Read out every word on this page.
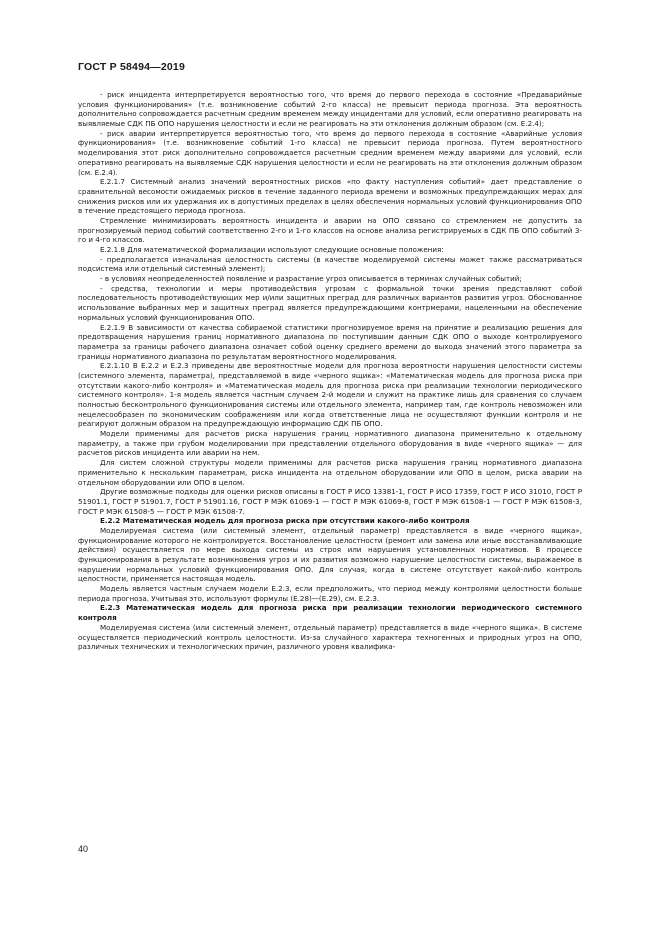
ГОСТ Р 58494—2019

- риск инцидента интерпретируется вероятностью того, что время до первого перехода в состояние «Предаварийные условия функционирования» (т.е. возникновение событий 2-го класса) не превысит периода прогноза. Эта вероятность дополнительно сопровождается расчетным средним временем между инцидентами для условий, если оперативно реагировать на выявляемые СДК ПБ ОПО нарушения целостности и если не реагировать на эти отклонения должным образом (см. Е.2.4);

- риск аварии интерпретируется вероятностью того, что время до первого перехода в состояние «Аварийные условия функционирования» (т.е. возникновение событий 1-го класса) не превысит периода прогноза. Путем вероятностного моделирования этот риск дополнительно сопровождается расчетным средним временем между авариями для условий, если оперативно реагировать на выявляемые СДК нарушения целостности и если не реагировать на эти отклонения должным образом (см. Е.2.4).

Е.2.1.7 Системный анализ значений вероятностных рисков «по факту наступления событий» дает представление о сравнительной весомости ожидаемых рисков в течение заданного периода времени и возможных предупреждающих мерах для снижения рисков или их удержания их в допустимых пределах в целях обеспечения нормальных условий функционирования ОПО в течение предстоящего периода прогноза.

Стремление минимизировать вероятность инцидента и аварии на ОПО связано со стремлением не допустить за прогнозируемый период событий соответственно 2-го и 1-го классов на основе анализа регистрируемых в СДК ПБ ОПО событий 3-го и 4-го классов.

Е.2.1.8 Для математической формализации используют следующие основные положения:

- предполагается изначальная целостность системы (в качестве моделируемой системы может также рассматриваться подсистема или отдельный системный элемент);

- в условиях неопределенностей появление и разрастание угроз описывается в терминах случайных событий;

- средства, технологии и меры противодействия угрозам с формальной точки зрения представляют собой последовательность противодействующих мер и/или защитных преград для различных вариантов развития угроз. Обоснованное использование выбранных мер и защитных преград является предупреждающими контрмерами, нацеленными на обеспечение нормальных условий функционирования ОПО.

Е.2.1.9 В зависимости от качества собираемой статистики прогнозируемое время на принятие и реализацию решения для предотвращения нарушения границ нормативного диапазона по поступившим данным СДК ОПО о выходе контролируемого параметра за границы рабочего диапазона означает собой оценку среднего времени до выхода значений этого параметра за границы нормативного диапазона по результатам вероятностного моделирования.

Е.2.1.10 В Е.2.2 и Е.2.3 приведены две вероятностные модели для прогноза вероятности нарушения целостности системы (системного элемента, параметра), представляемой в виде «черного ящика»: «Математическая модель для прогноза риска при отсутствии какого-либо контроля» и «Математическая модель для прогноза риска при реализации технологии периодического системного контроля». 1-я модель является частным случаем 2-й модели и служит на практике лишь для сравнения со случаем полностью бесконтрольного функционирования системы или отдельного элемента, например там, где контроль невозможен или нецелесообразен по экономическим соображениям или когда ответственные лица не осуществляют функции контроля и не реагируют должным образом на предупреждающую информацию СДК ПБ ОПО.

Модели применимы для расчетов риска нарушения границ нормативного диапазона применительно к отдельному параметру, а также при грубом моделировании при представлении отдельного оборудования в виде «черного ящика» — для расчетов рисков инцидента или аварии на нем.

Для систем сложной структуры модели применимы для расчетов риска нарушения границ нормативного диапазона применительно к нескольким параметрам, риска инцидента на отдельном оборудовании или ОПО в целом, риска аварии на отдельном оборудовании или ОПО в целом.

Другие возможные подходы для оценки рисков описаны в ГОСТ Р ИСО 13381-1, ГОСТ Р ИСО 17359, ГОСТ Р ИСО 31010, ГОСТ Р 51901.1, ГОСТ Р 51901.7, ГОСТ Р 51901.16, ГОСТ Р МЭК 61069-1 — ГОСТ Р МЭК 61069-8, ГОСТ Р МЭК 61508-1 — ГОСТ Р МЭК 61508-3, ГОСТ Р МЭК 61508-5 — ГОСТ Р МЭК 61508-7.

Е.2.2 Математическая модель для прогноза риска при отсутствии какого-либо контроля

Моделируемая система (или системный элемент, отдельный параметр) представляется в виде «черного ящика», функционирование которого не контролируется. Восстановление целостности (ремонт или замена или иные восстанавливающие действия) осуществляется по мере выхода системы из строя или нарушения установленных нормативов. В процессе функционирования в результате возникновения угроз и их развития возможно нарушение целостности системы, выражаемое в нарушении нормальных условий функционирования ОПО. Для случая, когда в системе отсутствует какой-либо контроль целостности, применяется настоящая модель.

Модель является частным случаем модели Е.2.3, если предположить, что период между контролями целостности больше периода прогноза. Учитывая это, используют формулы (Е.28)—(Е.29), см. Е.2.3.

Е.2.3 Математическая модель для прогноза риска при реализации технологии периодического системного контроля

Моделируемая система (или системный элемент, отдельный параметр) представляется в виде «черного ящика». В системе осуществляется периодический контроль целостности. Из-за случайного характера техногенных и природных угроз на ОПО, различных технических и технологических причин, различного уровня квалифика-

40
